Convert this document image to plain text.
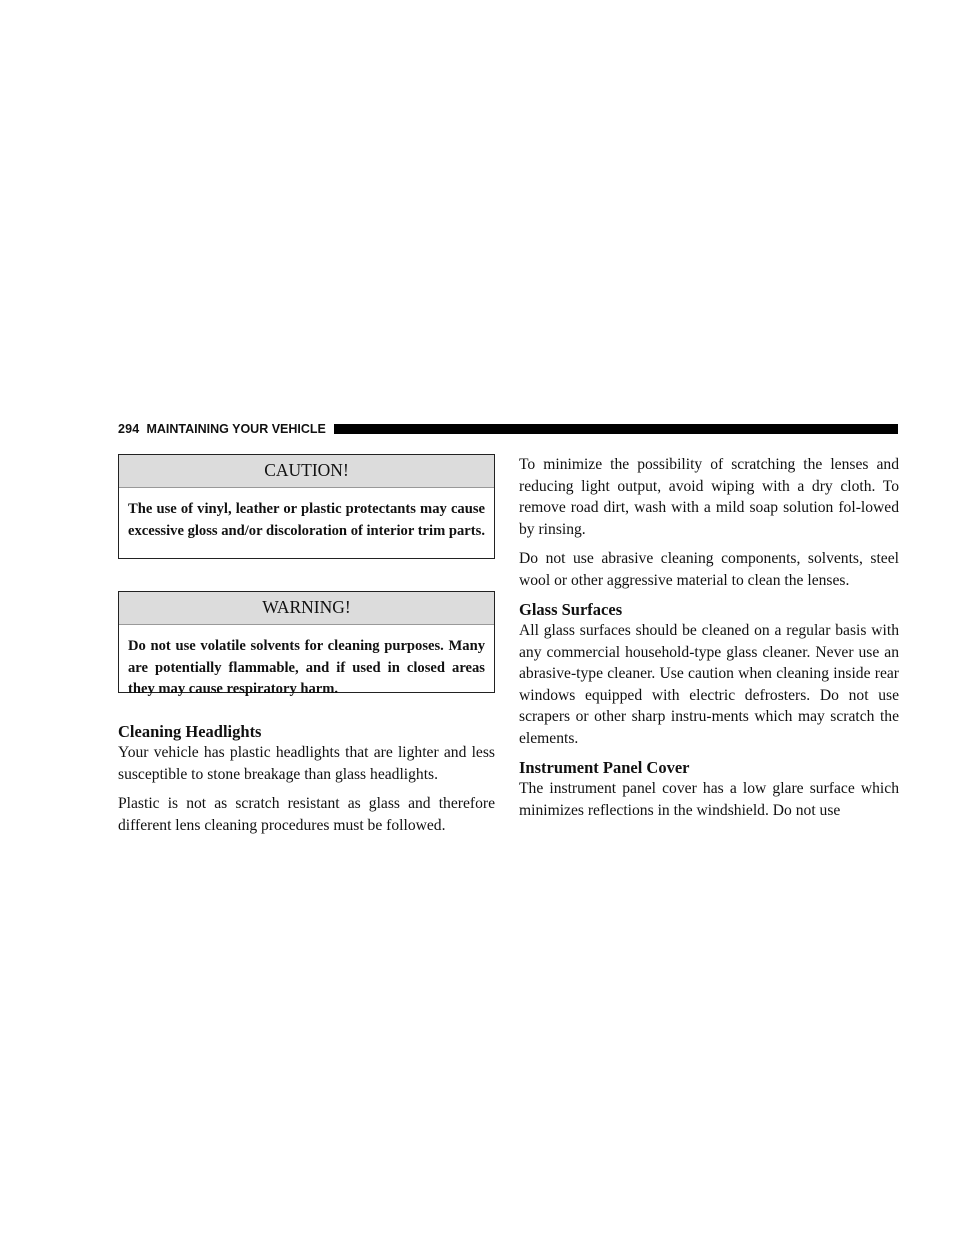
294 MAINTAINING YOUR VEHICLE
CAUTION!
The use of vinyl, leather or plastic protectants may cause excessive gloss and/or discoloration of interior trim parts.
WARNING!
Do not use volatile solvents for cleaning purposes. Many are potentially flammable, and if used in closed areas they may cause respiratory harm.
Cleaning Headlights

Your vehicle has plastic headlights that are lighter and less susceptible to stone breakage than glass headlights.

Plastic is not as scratch resistant as glass and therefore different lens cleaning procedures must be followed.

To minimize the possibility of scratching the lenses and reducing light output, avoid wiping with a dry cloth. To remove road dirt, wash with a mild soap solution fol-lowed by rinsing.

Do not use abrasive cleaning components, solvents, steel wool or other aggressive material to clean the lenses.

Glass Surfaces

All glass surfaces should be cleaned on a regular basis with any commercial household-type glass cleaner. Never use an abrasive-type cleaner. Use caution when cleaning inside rear windows equipped with electric defrosters. Do not use scrapers or other sharp instru-ments which may scratch the elements.

Instrument Panel Cover

The instrument panel cover has a low glare surface which minimizes reflections in the windshield. Do not use
